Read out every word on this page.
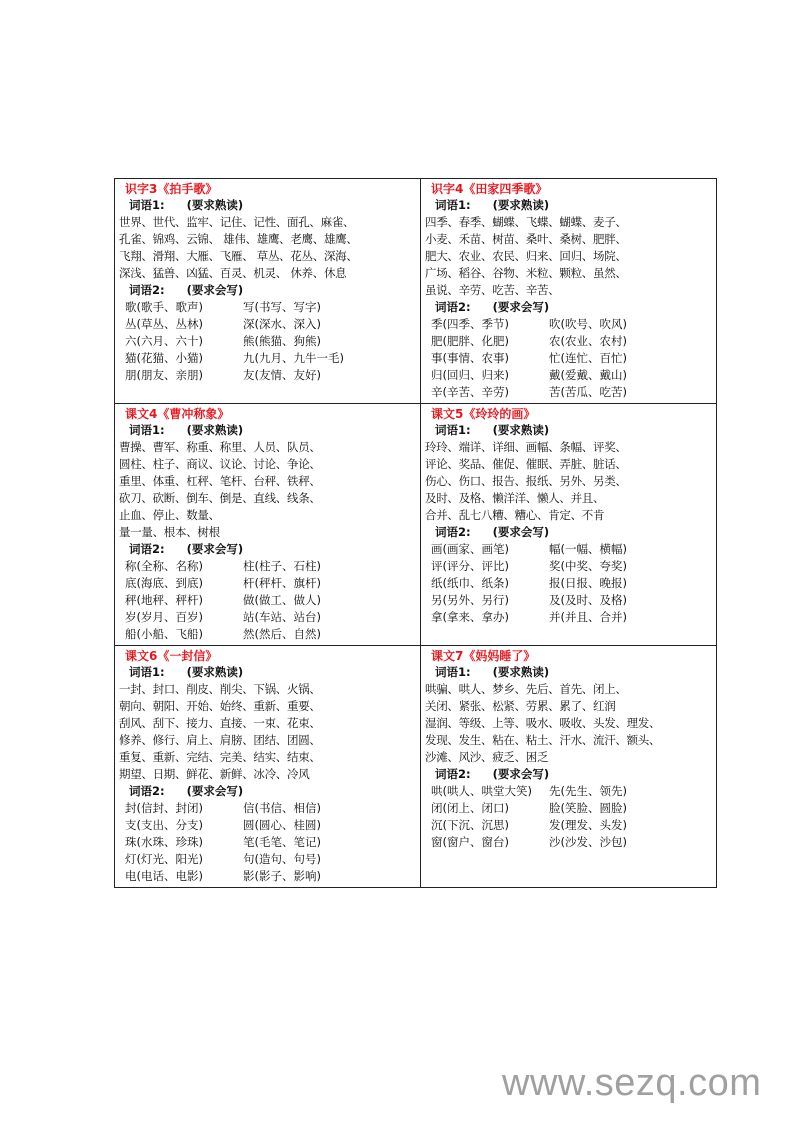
识字3《拍手歌》
词语1: (要求熟读)
世界、世代、监牢、记住、记性、面孔、麻雀、
孔雀、锦鸡、云锦、 雄伟、雄鹰、老鹰、雄鹰、
飞翔、滑翔、大雁、飞雁、 草丛、花丛、深海、
深浅、猛兽、凶猛、百灵、机灵、 休养、休息
词语2: (要求会写)
歌(歌手、歌声)	写(书写、写字)
丛(草丛、丛林)	深(深水、深入)
六(六月、六十)	熊(熊猫、狗熊)
猫(花猫、小猫)	九(九月、九牛一毛)
朋(朋友、亲朋)	友(友情、友好)

识字4《田家四季歌》
词语1: (要求熟读)
四季、春季、蝴蝶、飞蝶、蝴蝶、麦子、
小麦、禾苗、树苗、桑叶、桑树、肥胖、
肥大、农业、农民、归来、回归、场院、
广场、稻谷、谷物、米粒、颗粒、虽然、
虽说、辛劳、吃苦、辛苦、
词语2: (要求会写)
季(四季、季节)	吹(吹号、吹风)
肥(肥胖、化肥)	农(农业、农村)
事(事情、农事)	忙(连忙、百忙)
归(回归、归来)	戴(爱戴、戴山)
辛(辛苦、辛劳)	苦(苦瓜、吃苦)

课文4《曹冲称象》
词语1: (要求熟读)
曹操、曹军、称重、称里、人员、队员、
圆柱、柱子、商议、议论、讨论、争论、
重里、体重、杠秤、笔杆、台秤、铁秤、
砍刀、砍断、倒车、倒是、直线、线条、
止血、停止、数量、
量一量、根本、树根
词语2: (要求会写)
称(全称、名称)	柱(柱子、石柱)
底(海底、到底)	杆(秤杆、旗杆)
秤(地秤、秤杆)	做(做工、做人)
岁(岁月、百岁)	站(车站、站台)
船(小船、飞船)	然(然后、自然)

课文5《玲玲的画》
词语1: (要求熟读)
玲玲、端详、详细、画幅、条幅、评奖、
评论、奖品、催促、催眠、弄脏、脏话、
伤心、伤口、报告、报纸、另外、另类、
及时、及格、懒洋洋、懒人、并且、
合并、乱七八糟、糟心、肯定、不肯
词语2: (要求会写)
画(画家、画笔)	幅(一幅、横幅)
评(评分、评比)	奖(中奖、夸奖)
纸(纸巾、纸条)	报(日报、晚报)
另(另外、另行)	及(及时、及格)
拿(拿来、拿办)	并(并且、合并)

课文6《一封信》
词语1: (要求熟读)
一封、封口、削皮、削尖、下锅、火锅、
朝向、朝阳、开始、始终、重新、重要、
刮风、刮下、接力、直接、一束、花束、
修养、修行、肩上、肩膀、团结、团圆、
重复、重新、完结、完美、结实、结束、
期望、日期、鲜花、新鲜、冰冷、冷风
词语2: (要求会写)
封(信封、封闭)	信(书信、相信)
支(支出、分支)	圆(圆心、桂圆)
珠(水珠、珍珠)	笔(毛笔、笔记)
灯(灯光、阳光)	句(造句、句号)
电(电话、电影)	影(影子、影响)

课文7《妈妈睡了》
词语1: (要求熟读)
哄骗、哄人、梦乡、先后、首先、闭上、
关闭、紧张、松紧、劳累、累了、红润
湿润、等级、上等、吸水、吸收、头发、理发、
发现、发生、粘在、粘土、汗水、流汗、额头、
沙滩、风沙、疲乏、困乏
词语2: (要求会写)
哄(哄人、哄堂大笑)	先(先生、领先)
闭(闭上、闭口)	脸(笑脸、圆脸)
沉(下沉、沉思)	发(理发、头发)
窗(窗户、窗台)	沙(沙发、沙包)
www.sezq.com
